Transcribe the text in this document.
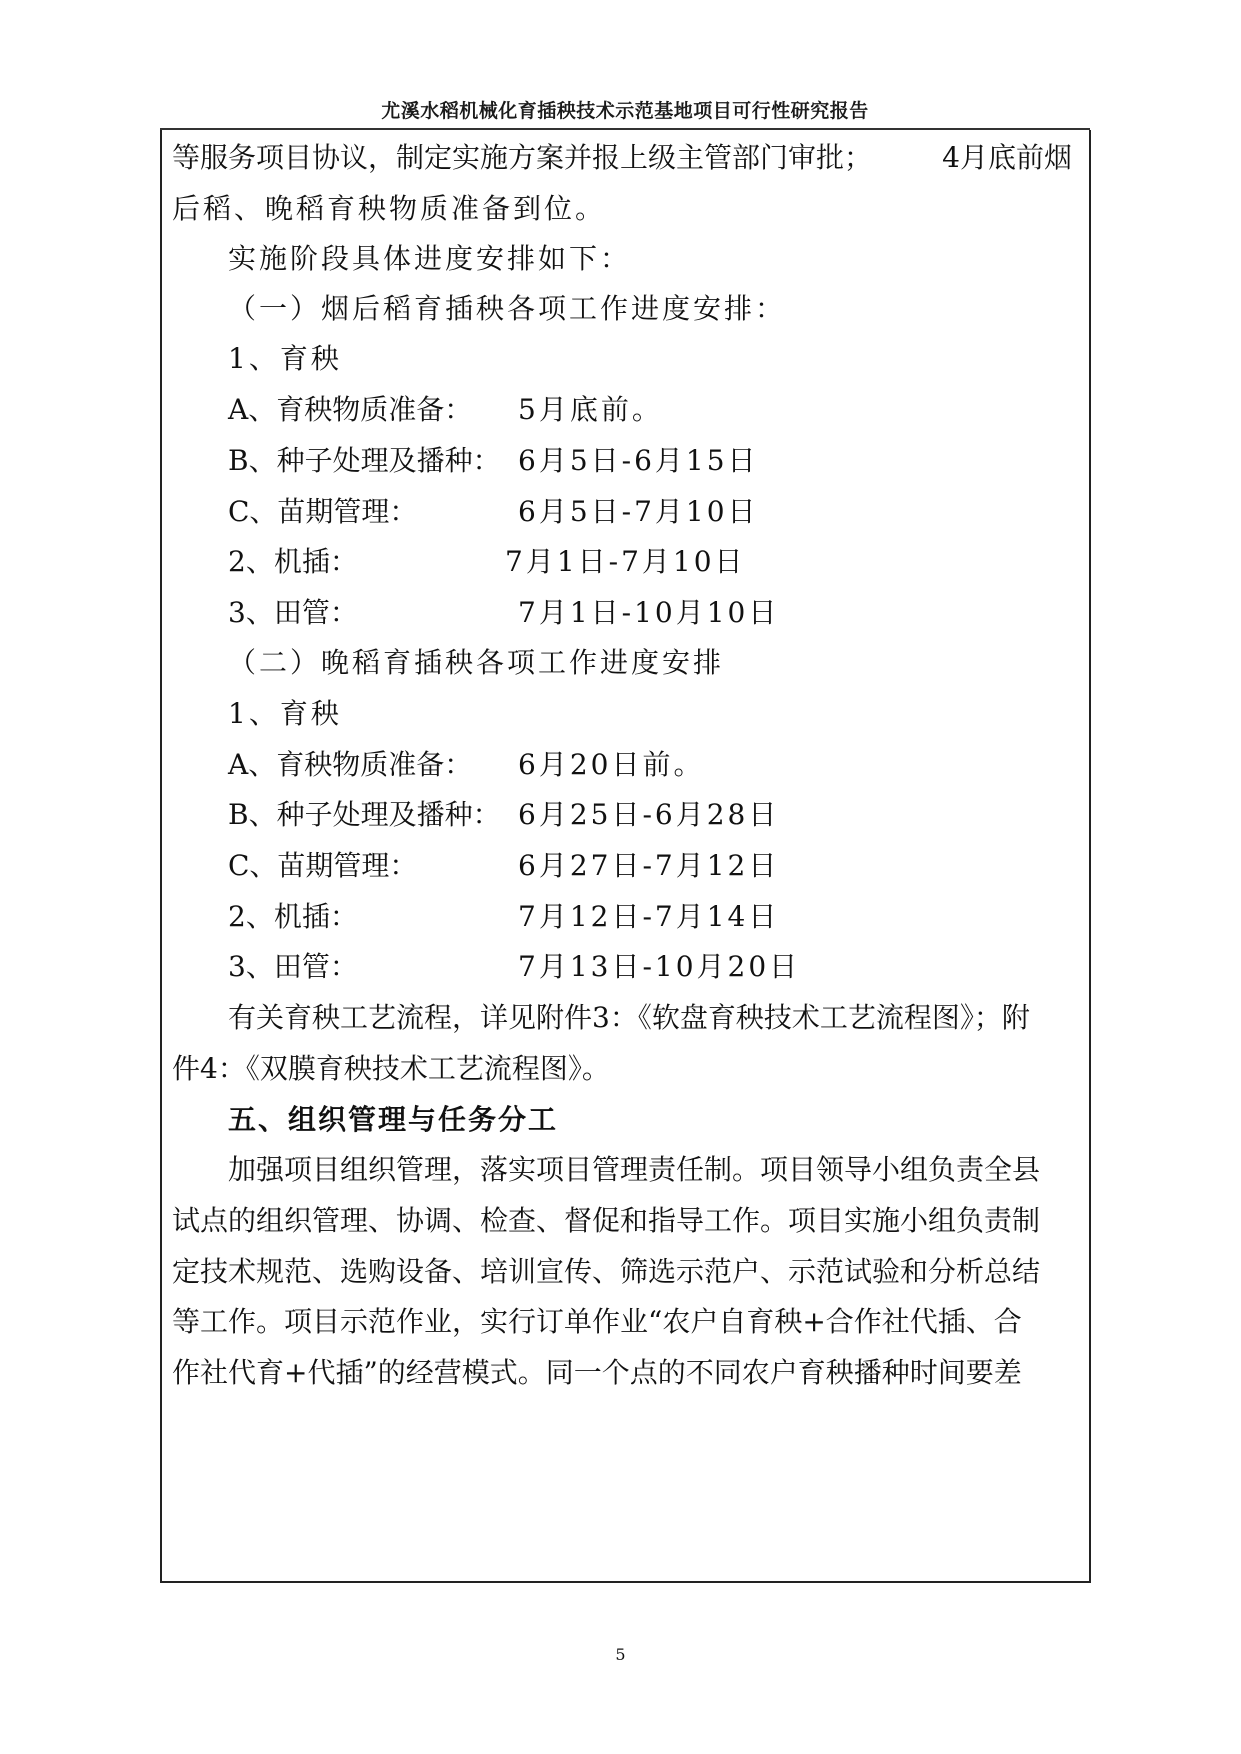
尤溪水稻机械化育插秧技术示范基地项目可行性研究报告
等服务项目协议，制定实施方案并报上级主管部门审批；	4月底前烟
后稻、晚稻育秧物质准备到位。
实施阶段具体进度安排如下：
（一）烟后稻育插秧各项工作进度安排：
1、育秧
A、育秧物质准备： 5月底前。
B、种子处理及播种： 6月5日-6月15日
C、苗期管理：	6月5日-7月10日
2、机插：	7月1日-7月10日
3、田管：	7月1日-10月10日
（二）晚稻育插秧各项工作进度安排
1、育秧
A、育秧物质准备： 6月20日前。
B、种子处理及播种： 6月25日-6月28日
C、苗期管理：	6月27日-7月12日
2、机插：	7月12日-7月14日
3、田管：	7月13日-10月20日
有关育秧工艺流程，详见附件3：《软盘育秧技术工艺流程图》；附
件4：《双膜育秧技术工艺流程图》。
五、组织管理与任务分工
加强项目组织管理，落实项目管理责任制。项目领导小组负责全县
试点的组织管理、协调、检查、督促和指导工作。项目实施小组负责制
定技术规范、选购设备、培训宣传、筛选示范户、示范试验和分析总结
等工作。项目示范作业，实行订单作业“农户自育秧+合作社代插、合
作社代育+代插”的经营模式。同一个点的不同农户育秧播种时间要差
5
